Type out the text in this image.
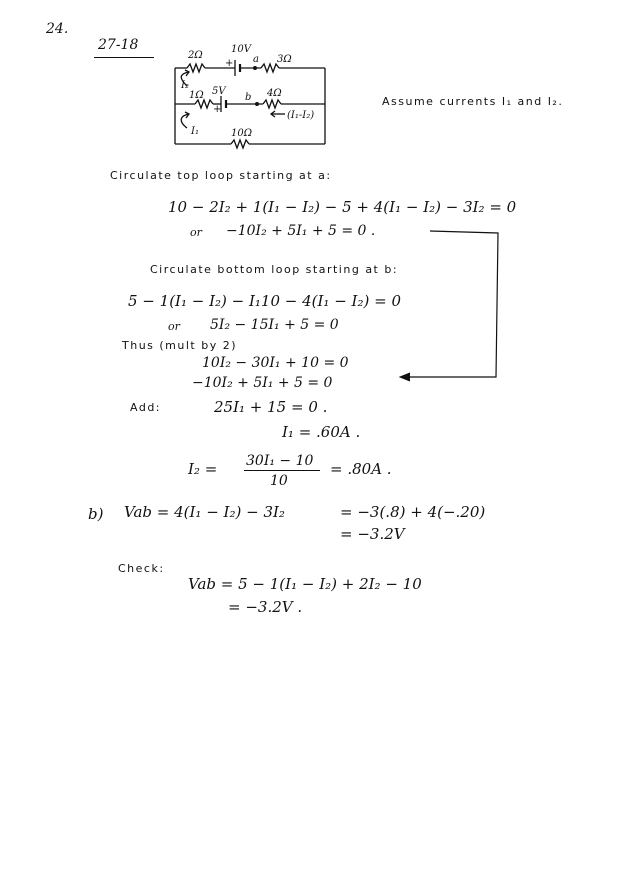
24.
27-18
+
+
2Ω
10V
a 3Ω
I₂
1Ω 5V
b 4Ω
(I₁-I₂)
I₁	10Ω
Assume currents I₁ and I₂.
Circulate top loop starting at a:
10 − 2I₂ + 1(I₁ − I₂) − 5 + 4(I₁ − I₂) − 3I₂ = 0
or −10I₂ + 5I₁ + 5 = 0 .
Circulate bottom loop starting at b:
5 − 1(I₁ − I₂) − I₁10 − 4(I₁ − I₂) = 0
or 5I₂ − 15I₁ + 5 = 0
Thus (mult by 2)
10I₂ − 30I₁ + 10 = 0
−10I₂ + 5I₁ + 5 = 0
Add:	25I₁ + 15 = 0 .
I₁ = .60A .
I₂ = 30I₁ − 10
10
= .80A .
b) Vab = 4(I₁ − I₂) − 3I₂	= −3(.8) + 4(−.20)
= −3.2V
Check:
Vab = 5 − 1(I₁ − I₂) + 2I₂ − 10
= −3.2V .
